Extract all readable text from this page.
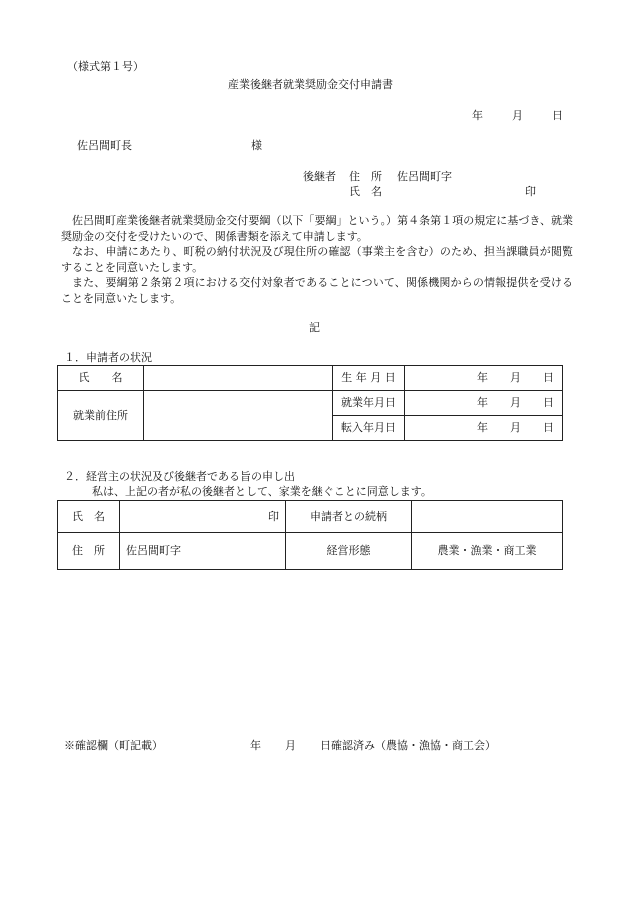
（様式第１号）
産業後継者就業奨励金交付申請書
年	月	日
佐呂間町長	様
後継者 住　所 佐呂間町字
氏　名	印

佐呂間町産業後継者就業奨励金交付要綱（以下「要綱」という。）第４条第１項の規定に基づき、就業奨励金の交付を受けたいので、関係書類を添えて申請します。

なお、申請にあたり、町税の納付状況及び現住所の確認（事業主を含む）のため、担当課職員が閲覧することを同意いたします。

また、要綱第２条第２項における交付対象者であることについて、関係機関からの情報提供を受けることを同意いたします。

記
１．申請者の状況
氏　　名		生 年 月 日	年 月 日

就業前住所		就業年月日	年 月 日

		転入年月日	年 月 日
２．経営主の状況及び後継者である旨の申し出
私は、上記の者が私の後継者として、家業を継ぐことに同意します。
氏　名	印	申請者との続柄	
住　所	佐呂間町字	経営形態	農業・漁業・商工業
※確認欄（町記載）	年 月 日確認済み（農協・漁協・商工会）
